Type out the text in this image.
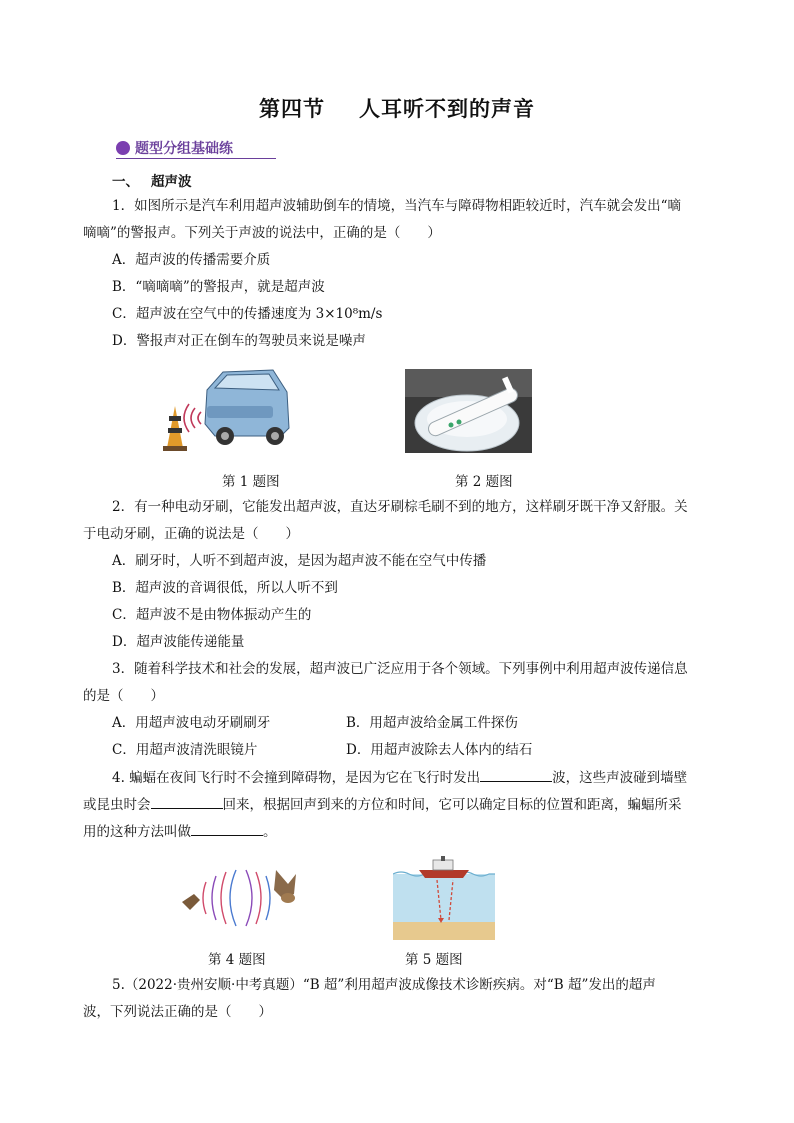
第四节 人耳听不到的声音
题型分组基础练
一、 超声波
1．如图所示是汽车利用超声波辅助倒车的情境，当汽车与障碍物相距较近时，汽车就会发出“嘀
嘀嘀”的警报声。下列关于声波的说法中，正确的是（　　）
A．超声波的传播需要介质
B．“嘀嘀嘀”的警报声，就是超声波
C．超声波在空气中的传播速度为 3×10⁸m/s
D．警报声对正在倒车的驾驶员来说是噪声
第 1 题图	第 2 题图
2．有一种电动牙刷，它能发出超声波，直达牙刷棕毛刷不到的地方，这样刷牙既干净又舒服。关
于电动牙刷，正确的说法是（　　）
A．刷牙时，人听不到超声波，是因为超声波不能在空气中传播
B．超声波的音调很低，所以人听不到
C．超声波不是由物体振动产生的
D．超声波能传递能量
3．随着科学技术和社会的发展，超声波已广泛应用于各个领域。下列事例中利用超声波传递信息
的是（　　）
A．用超声波电动牙刷刷牙	B．用超声波给金属工件探伤
C．用超声波清洗眼镜片	D．用超声波除去人体内的结石
4. 蝙蝠在夜间飞行时不会撞到障碍物，是因为它在飞行时发出	波，这些声波碰到墙壁
或昆虫时会	回来，根据回声到来的方位和时间，它可以确定目标的位置和距离，蝙蝠所采
用的这种方法叫做	。
第 4 题图	第 5 题图
5.（2022·贵州安顺·中考真题）“B 超”利用超声波成像技术诊断疾病。对“B 超”发出的超声
波，下列说法正确的是（　　）
